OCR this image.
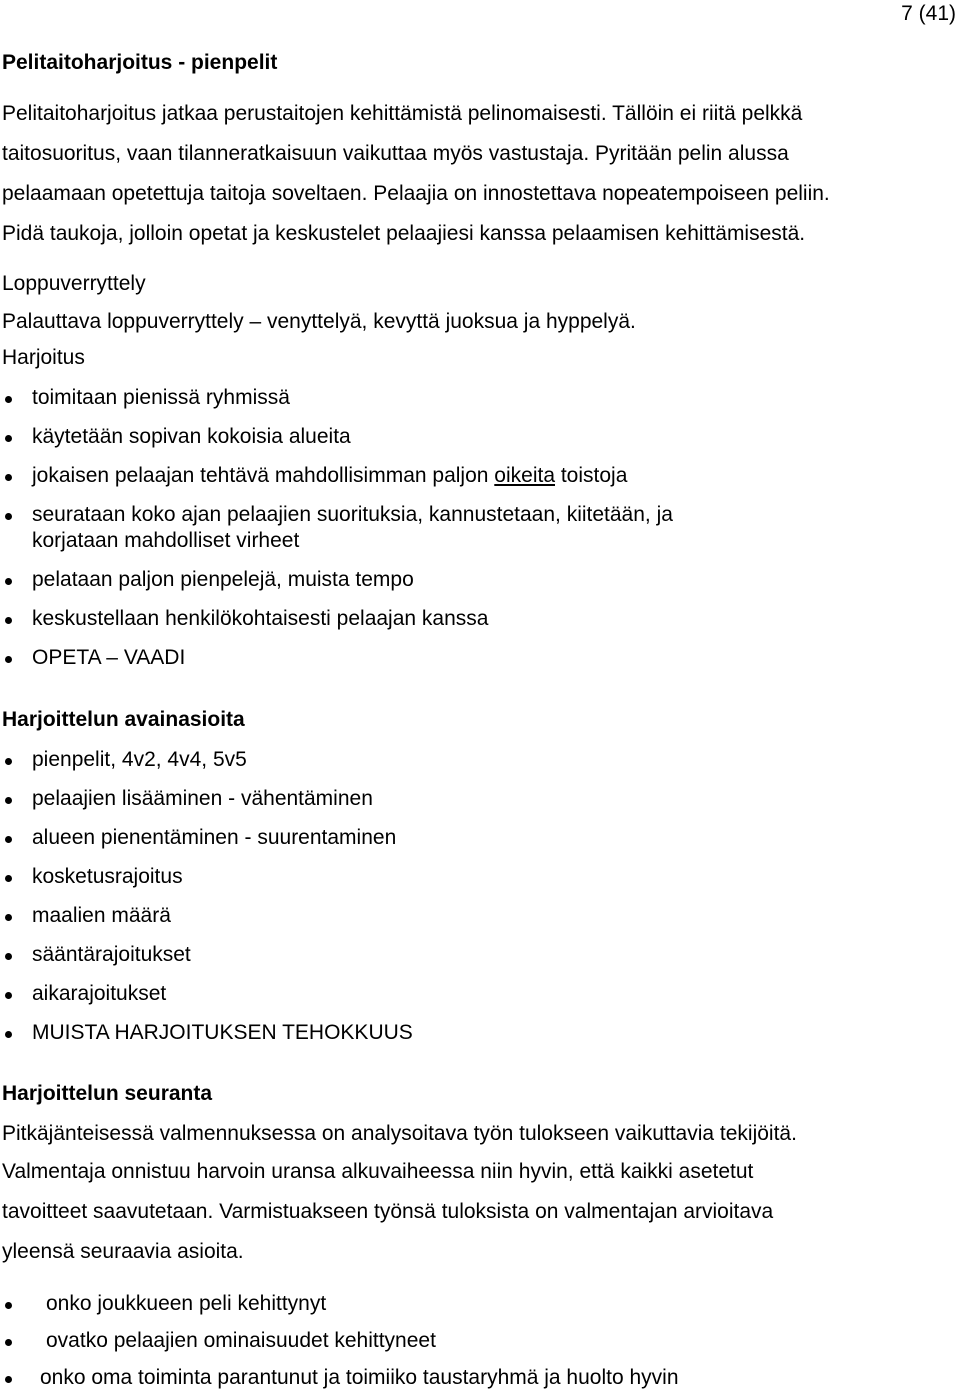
7 (41)
Pelitaitoharjoitus - pienpelit
Pelitaitoharjoitus jatkaa perustaitojen kehittämistä pelinomaisesti. Tällöin ei riitä pelkkä
taitosuoritus, vaan tilanneratkaisuun vaikuttaa myös vastustaja. Pyritään pelin alussa
pelaamaan opetettuja taitoja soveltaen. Pelaajia on innostettava nopeatempoiseen peliin.
Pidä taukoja, jolloin opetat ja keskustelet pelaajiesi kanssa pelaamisen kehittämisestä.
Loppuverryttely
Palauttava loppuverryttely – venyttelyä, kevyttä juoksua ja hyppelyä.
Harjoitus
toimitaan pienissä ryhmissä
käytetään sopivan kokoisia alueita
jokaisen pelaajan tehtävä mahdollisimman paljon oikeita toistoja
seurataan koko ajan pelaajien suorituksia, kannustetaan, kiitetään, ja
korjataan mahdolliset virheet
pelataan paljon pienpelejä, muista tempo
keskustellaan henkilökohtaisesti pelaajan kanssa
OPETA – VAADI
Harjoittelun avainasioita
pienpelit, 4v2, 4v4, 5v5
pelaajien lisääminen - vähentäminen
alueen pienentäminen - suurentaminen
kosketusrajoitus
maalien määrä
sääntärajoitukset
aikarajoitukset
MUISTA HARJOITUKSEN TEHOKKUUS
Harjoittelun seuranta
Pitkäjänteisessä valmennuksessa on analysoitava työn tulokseen vaikuttavia tekijöitä.
Valmentaja onnistuu harvoin uransa alkuvaiheessa niin hyvin, että kaikki asetetut
tavoitteet saavutetaan. Varmistuakseen työnsä tuloksista on valmentajan arvioitava
yleensä seuraavia asioita.
onko joukkueen peli kehittynyt
ovatko pelaajien ominaisuudet kehittyneet
onko oma toiminta parantunut ja toimiiko taustaryhmä ja huolto hyvin
